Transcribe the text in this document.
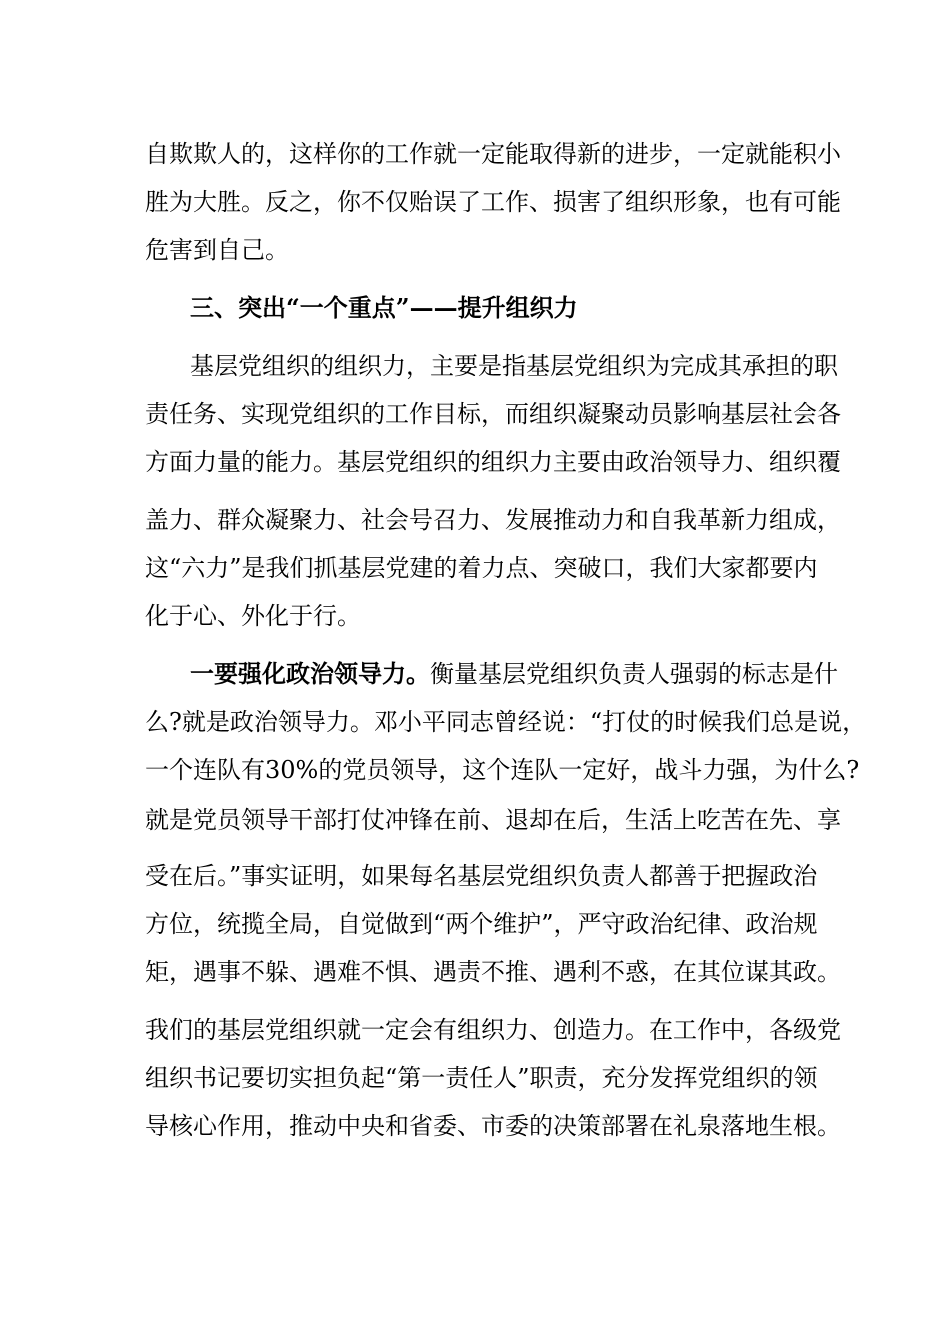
自欺欺人的，这样你的工作就一定能取得新的进步，一定就能积小
胜为大胜。反之，你不仅贻误了工作、损害了组织形象，也有可能
危害到自己。
三、突出“一个重点”——提升组织力
基层党组织的组织力，主要是指基层党组织为完成其承担的职
责任务、实现党组织的工作目标，而组织凝聚动员影响基层社会各
方面力量的能力。基层党组织的组织力主要由政治领导力、组织覆
盖力、群众凝聚力、社会号召力、发展推动力和自我革新力组成，
这“六力”是我们抓基层党建的着力点、突破口，我们大家都要内
化于心、外化于行。
一要强化政治领导力。衡量基层党组织负责人强弱的标志是什
么?就是政治领导力。邓小平同志曾经说：“打仗的时候我们总是说，
一个连队有30%的党员领导，这个连队一定好，战斗力强，为什么?
就是党员领导干部打仗冲锋在前、退却在后，生活上吃苦在先、享
受在后。”事实证明，如果每名基层党组织负责人都善于把握政治
方位，统揽全局，自觉做到“两个维护”，严守政治纪律、政治规
矩，遇事不躲、遇难不惧、遇责不推、遇利不惑，在其位谋其政。
我们的基层党组织就一定会有组织力、创造力。在工作中，各级党
组织书记要切实担负起“第一责任人”职责，充分发挥党组织的领
导核心作用，推动中央和省委、市委的决策部署在礼泉落地生根。
